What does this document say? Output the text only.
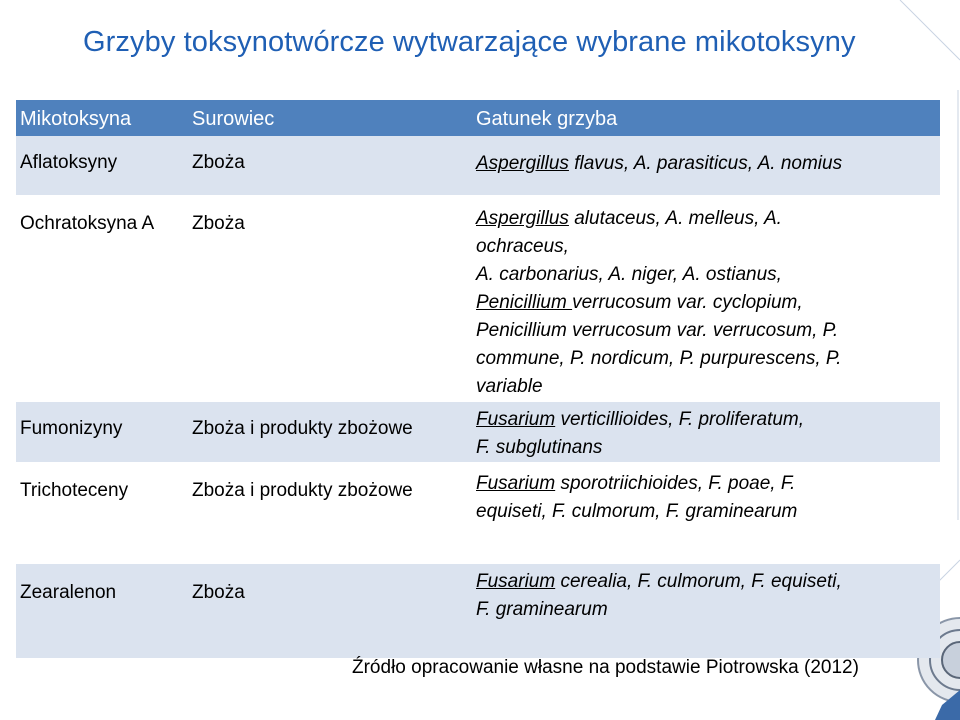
Grzyby toksynotwórcze wytwarzające wybrane mikotoksyny
Mikotoksyna	Surowiec	Gatunek grzyba
Aflatoksyny	Zboża	Aspergillus flavus, A. parasiticus, A. nomius
Ochratoksyna A	Zboża	Aspergillus alutaceus, A. melleus, A.
ochraceus,
A. carbonarius, A. niger, A. ostianus,
Penicillium verrucosum var. cyclopium,
Penicillium verrucosum var. verrucosum, P.
commune, P. nordicum, P. purpurescens, P.
variable
Fumonizyny	Zboża i produkty zbożowe	Fusarium verticillioides, F. proliferatum,
F. subglutinans
Trichoteceny	Zboża i produkty zbożowe	Fusarium sporotriichioides, F. poae, F.
equiseti, F. culmorum, F. graminearum
Zearalenon	Zboża
Fusarium cerealia, F. culmorum, F. equiseti,
F. graminearum
Źródło opracowanie własne na podstawie Piotrowska (2012)
